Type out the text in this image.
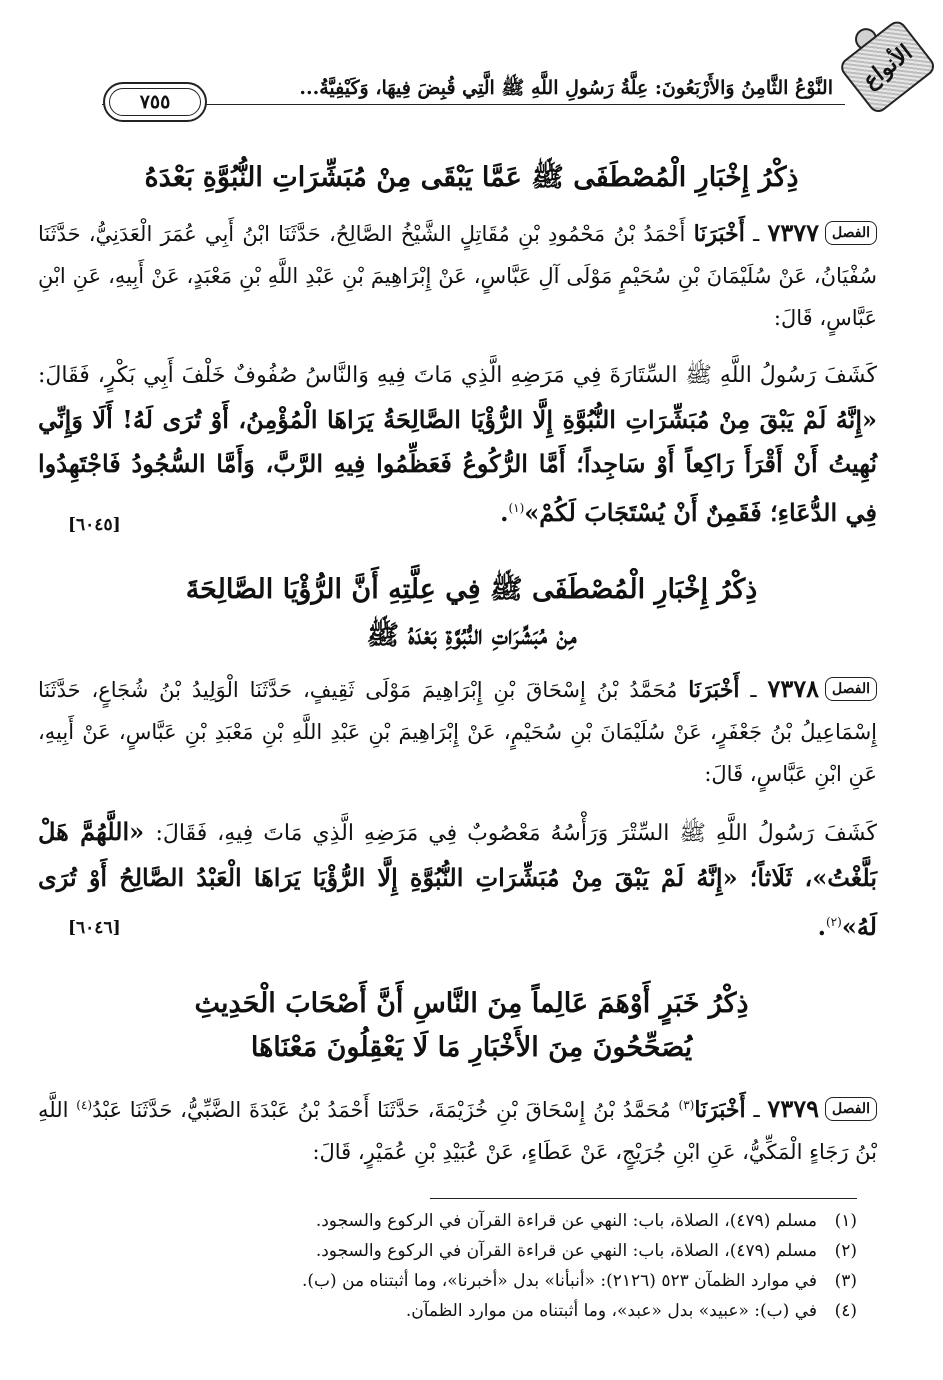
الأنواع
النَّوْعُ الثَّامِنُ وَالأَرْبَعُونَ: عِلَّةُ رَسُولِ اللَّهِ ﷺ الَّتِي قُبِضَ فِيهَا، وَكَيْفِيَّةُ...
٧٥٥
ذِكْرُ إِخْبَارِ الْمُصْطَفَى ﷺ عَمَّا يَبْقَى مِنْ مُبَشِّرَاتِ النُّبُوَّةِ بَعْدَهُ
الفصل٧٣٧٧ ـ أَخْبَرَنَا أَحْمَدُ بْنُ مَحْمُودِ بْنِ مُقَاتِلٍ الشَّيْخُ الصَّالِحُ، حَدَّثَنَا ابْنُ أَبِي عُمَرَ الْعَدَنِيُّ، حَدَّثَنَا سُفْيَانُ، عَنْ سُلَيْمَانَ بْنِ سُحَيْمٍ مَوْلَى آلِ عَبَّاسٍ، عَنْ إِبْرَاهِيمَ بْنِ عَبْدِ اللَّهِ بْنِ مَعْبَدٍ، عَنْ أَبِيهِ، عَنِ ابْنِ عَبَّاسٍ، قَالَ:
كَشَفَ رَسُولُ اللَّهِ ﷺ السِّتَارَةَ فِي مَرَضِهِ الَّذِي مَاتَ فِيهِ وَالنَّاسُ صُفُوفٌ خَلْفَ أَبِي بَكْرٍ، فَقَالَ: «إِنَّهُ لَمْ يَبْقَ مِنْ مُبَشِّرَاتِ النُّبُوَّةِ إِلَّا الرُّؤْيَا الصَّالِحَةُ يَرَاهَا الْمُؤْمِنُ، أَوْ تُرَى لَهُ! أَلَا وَإِنِّي نُهِيتُ أَنْ أَقْرَأَ رَاكِعاً أَوْ سَاجِداً؛ أَمَّا الرُّكُوعُ فَعَظِّمُوا فِيهِ الرَّبَّ، وَأَمَّا السُّجُودُ فَاجْتَهِدُوا فِي الدُّعَاءِ؛ فَقَمِنٌ أَنْ يُسْتَجَابَ لَكُمْ»$^{(١)}$.
[٦٠٤٥]
ذِكْرُ إِخْبَارِ الْمُصْطَفَى ﷺ فِي عِلَّتِهِ أَنَّ الرُّؤْيَا الصَّالِحَةَ
مِنْ مُبَشِّرَاتِ النُّبُوَّةِ بَعْدَهُ ﷺ
الفصل٧٣٧٨ ـ أَخْبَرَنَا مُحَمَّدُ بْنُ إِسْحَاقَ بْنِ إِبْرَاهِيمَ مَوْلَى ثَقِيفٍ، حَدَّثَنَا الْوَلِيدُ بْنُ شُجَاعٍ، حَدَّثَنَا إِسْمَاعِيلُ بْنُ جَعْفَرٍ، عَنْ سُلَيْمَانَ بْنِ سُحَيْمٍ، عَنْ إِبْرَاهِيمَ بْنِ عَبْدِ اللَّهِ بْنِ مَعْبَدِ بْنِ عَبَّاسٍ، عَنْ أَبِيهِ، عَنِ ابْنِ عَبَّاسٍ، قَالَ:
كَشَفَ رَسُولُ اللَّهِ ﷺ السِّتْرَ وَرَأْسُهُ مَعْصُوبٌ فِي مَرَضِهِ الَّذِي مَاتَ فِيهِ، فَقَالَ: «اللَّهُمَّ هَلْ بَلَّغْتُ»، ثَلَاثاً؛ «إِنَّهُ لَمْ يَبْقَ مِنْ مُبَشِّرَاتِ النُّبُوَّةِ إِلَّا الرُّؤْيَا يَرَاهَا الْعَبْدُ الصَّالِحُ أَوْ تُرَى لَهُ»$^{(٢)}$.
[٦٠٤٦]
ذِكْرُ خَبَرٍ أَوْهَمَ عَالِماً مِنَ النَّاسِ أَنَّ أَصْحَابَ الْحَدِيثِ
يُصَحِّحُونَ مِنَ الأَخْبَارِ مَا لَا يَعْقِلُونَ مَعْنَاهَا
الفصل٧٣٧٩ ـ أَخْبَرَنَا$^{(٣)}$ مُحَمَّدُ بْنُ إِسْحَاقَ بْنِ خُزَيْمَةَ، حَدَّثَنَا أَحْمَدُ بْنُ عَبْدَةَ الضَّبِّيُّ، حَدَّثَنَا عَبْدُ$^{(٤)}$ اللَّهِ بْنُ رَجَاءٍ الْمَكِّيُّ، عَنِ ابْنِ جُرَيْجٍ، عَنْ عَطَاءٍ، عَنْ عُبَيْدِ بْنِ عُمَيْرٍ، قَالَ:
(١)مسلم (٤٧٩)، الصلاة، باب: النهي عن قراءة القرآن في الركوع والسجود.
(٢)مسلم (٤٧٩)، الصلاة، باب: النهي عن قراءة القرآن في الركوع والسجود.
(٣)في موارد الظمآن ٥٢٣ (٢١٢٦): «أنبأنا» بدل «أخبرنا»، وما أثبتناه من (ب).
(٤)في (ب): «عبيد» بدل «عبد»، وما أثبتناه من موارد الظمآن.
